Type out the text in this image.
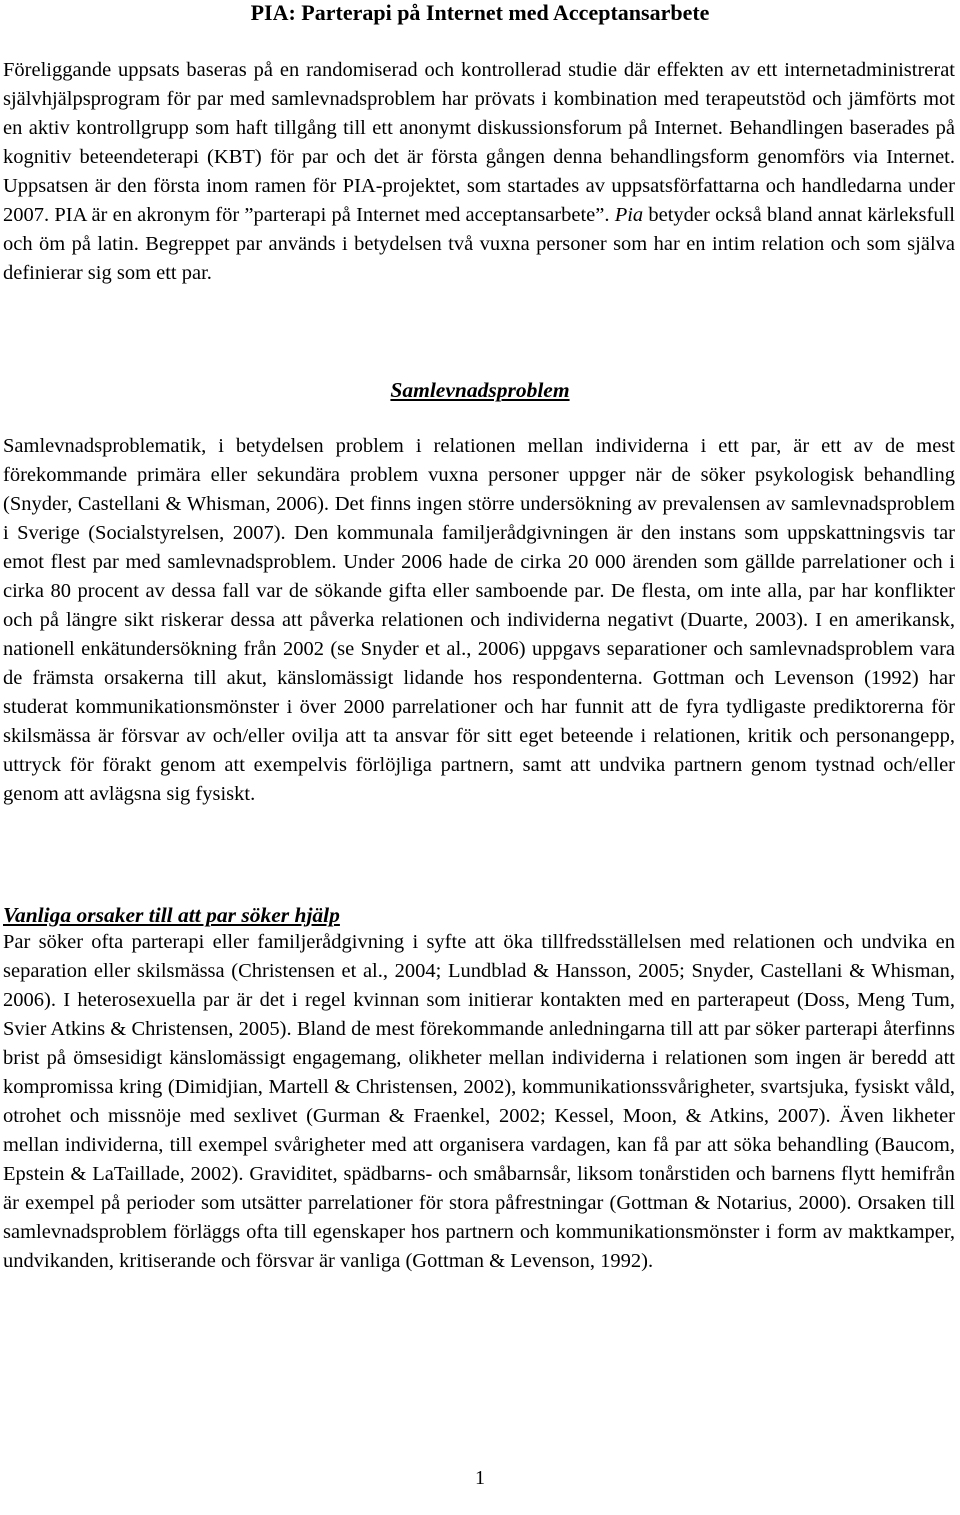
PIA: Parterapi på Internet med Acceptansarbete

Föreliggande uppsats baseras på en randomiserad och kontrollerad studie där effekten av ett internetadministrerat självhjälpsprogram för par med samlevnadsproblem har prövats i kombination med terapeutstöd och jämförts mot en aktiv kontrollgrupp som haft tillgång till ett anonymt diskussionsforum på Internet. Behandlingen baserades på kognitiv beteendeterapi (KBT) för par och det är första gången denna behandlingsform genomförs via Internet. Uppsatsen är den första inom ramen för PIA-projektet, som startades av uppsatsförfattarna och handledarna under 2007. PIA är en akronym för ”parterapi på Internet med acceptansarbete”. Pia betyder också bland annat kärleksfull och öm på latin. Begreppet par används i betydelsen två vuxna personer som har en intim relation och som själva definierar sig som ett par.

Samlevnadsproblem

Samlevnadsproblematik, i betydelsen problem i relationen mellan individerna i ett par, är ett av de mest förekommande primära eller sekundära problem vuxna personer uppger när de söker psykologisk behandling (Snyder, Castellani & Whisman, 2006). Det finns ingen större undersökning av prevalensen av samlevnadsproblem i Sverige (Socialstyrelsen, 2007). Den kommunala familjerådgivningen är den instans som uppskattningsvis tar emot flest par med samlevnadsproblem. Under 2006 hade de cirka 20 000 ärenden som gällde parrelationer och i cirka 80 procent av dessa fall var de sökande gifta eller samboende par. De flesta, om inte alla, par har konflikter och på längre sikt riskerar dessa att påverka relationen och individerna negativt (Duarte, 2003). I en amerikansk, nationell enkätundersökning från 2002 (se Snyder et al., 2006) uppgavs separationer och samlevnadsproblem vara de främsta orsakerna till akut, känslomässigt lidande hos respondenterna. Gottman och Levenson (1992) har studerat kommunikationsmönster i över 2000 parrelationer och har funnit att de fyra tydligaste prediktorerna för skilsmässa är försvar av och/eller ovilja att ta ansvar för sitt eget beteende i relationen, kritik och personangepp, uttryck för förakt genom att exempelvis förlöjliga partnern, samt att undvika partnern genom tystnad och/eller genom att avlägsna sig fysiskt.

Vanliga orsaker till att par söker hjälp

Par söker ofta parterapi eller familjerådgivning i syfte att öka tillfredsställelsen med relationen och undvika en separation eller skilsmässa (Christensen et al., 2004; Lundblad & Hansson, 2005; Snyder, Castellani & Whisman, 2006). I heterosexuella par är det i regel kvinnan som initierar kontakten med en parterapeut (Doss, Meng Tum, Svier Atkins & Christensen, 2005). Bland de mest förekommande anledningarna till att par söker parterapi återfinns brist på ömsesidigt känslomässigt engagemang, olikheter mellan individerna i relationen som ingen är beredd att kompromissa kring (Dimidjian, Martell & Christensen, 2002), kommunikationssvårigheter, svartsjuka, fysiskt våld, otrohet och missnöje med sexlivet (Gurman & Fraenkel, 2002; Kessel, Moon, & Atkins, 2007). Även likheter mellan individerna, till exempel svårigheter med att organisera vardagen, kan få par att söka behandling (Baucom, Epstein & LaTaillade, 2002). Graviditet, spädbarns- och småbarnsår, liksom tonårstiden och barnens flytt hemifrån är exempel på perioder som utsätter parrelationer för stora påfrestningar (Gottman & Notarius, 2000). Orsaken till samlevnadsproblem förläggs ofta till egenskaper hos partnern och kommunikationsmönster i form av maktkamper, undvikanden, kritiserande och försvar är vanliga (Gottman & Levenson, 1992).

1
